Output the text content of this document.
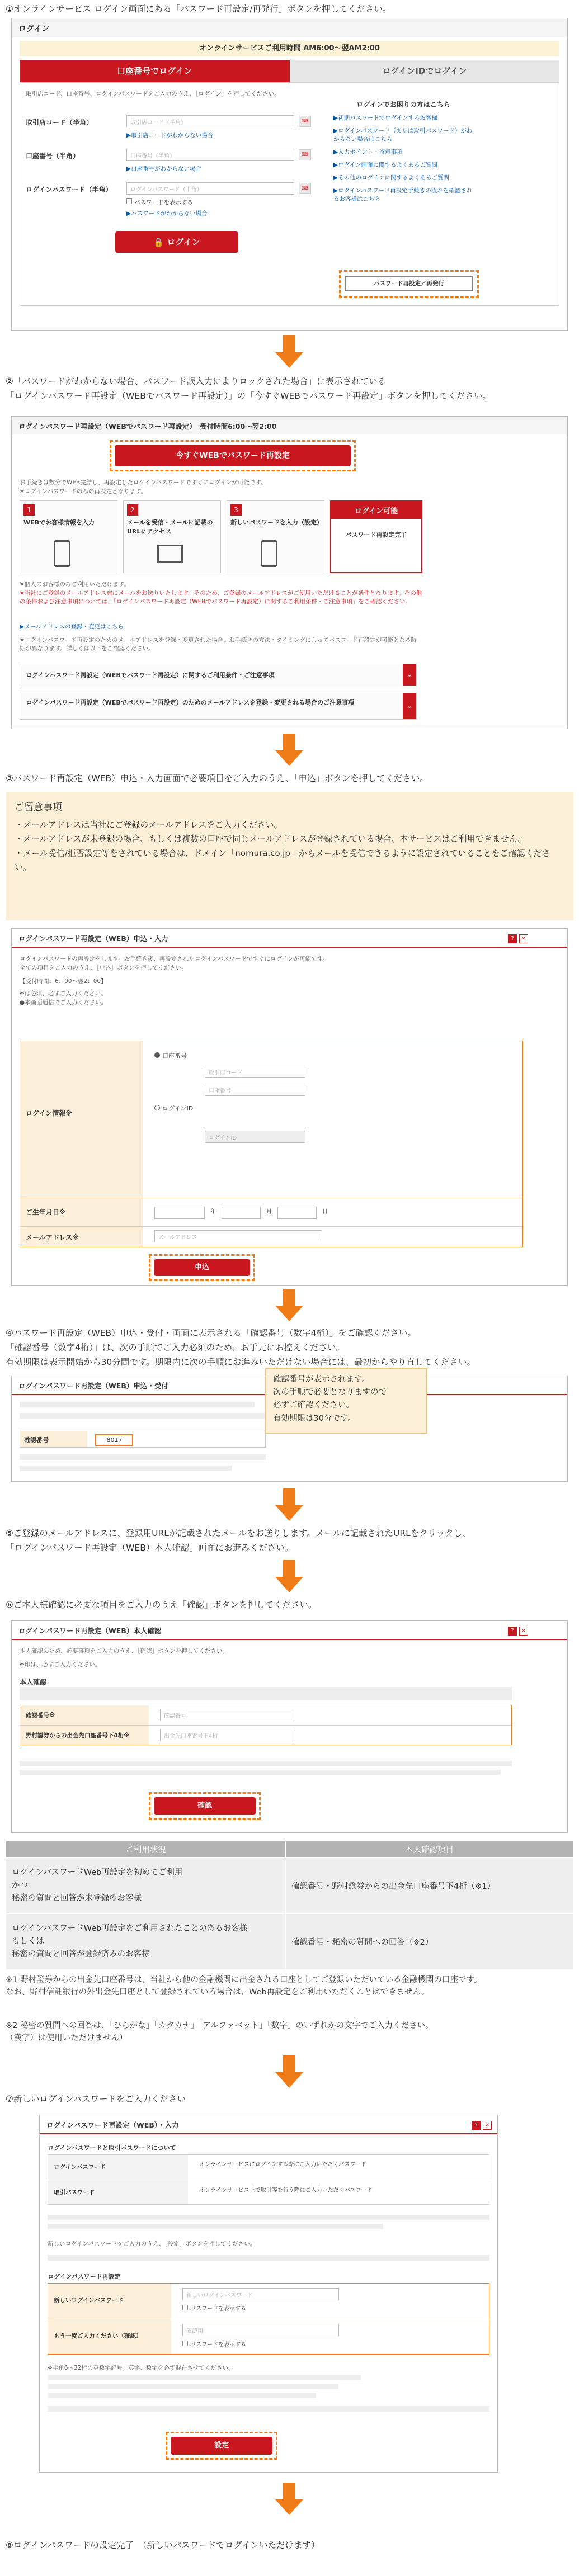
①オンラインサービス ログイン画面にある「パスワード再設定/再発行」ボタンを押してください。
ログイン
オンラインサービスご利用時間 AM6:00～翌AM2:00
口座番号でログイン	ログインIDでログイン
取引店コード、口座番号、ログインパスワードをご入力のうえ、［ログイン］を押してください。
取引店コード（半角）	取引店コード（半角）	⌨
▶取引店コードがわからない場合
口座番号（半角）	口座番号（半角）	⌨
▶口座番号がわからない場合
ログインパスワード（半角）	ログインパスワード（半角）	⌨
パスワードを表示する
▶パスワードがわからない場合
🔒 ログイン
ログインでお困りの方はこちら
▶初期パスワードでログインするお客様
▶ログインパスワード（または取引パスワード）がわからない場合はこちら
▶入力ポイント・留意事項
▶ログイン画面に関するよくあるご質問
▶その他のログインに関するよくあるご質問
▶ログインパスワード再設定手続きの流れを確認されるお客様はこちら
パスワード再設定／再発行
②「パスワードがわからない場合、パスワード誤入力によりロックされた場合」に表示されている
「ログインパスワード再設定（WEBでパスワード再設定）」の「今すぐWEBでパスワード再設定」ボタンを押してください。
ログインパスワード再設定（WEBでパスワード再設定）　受付時間6:00～翌2:00
今すぐWEBでパスワード再設定
お手続きは数分でWEB完結し、再設定したログインパスワードですぐにログインが可能です。
※ログインパスワードのみの再設定となります。
1
WEBでお客様情報を入力
2
メールを受信・メールに記載のURLにアクセス
3
新しいパスワードを入力（設定）
ログイン可能
パスワード再設定完了
※個人のお客様のみご利用いただけます。
※当社にご登録のメールアドレス宛にメールをお送りいたします。そのため、ご登録のメールアドレスがご使用いただけることが条件となります。その他の条件および注意事項については、「ログインパスワード再設定（WEBでパスワード再設定）に関するご利用条件・ご注意事項」をご確認ください。
▶メールアドレスの登録・変更はこちら
※ログインパスワード再設定のためのメールアドレスを登録・変更された場合、お手続きの方法・タイミングによってパスワード再設定が可能となる時期が異なります。詳しくは以下をご確認ください。
ログインパスワード再設定（WEBでパスワード再設定）に関するご利用条件・ご注意事項	⌄
ログインパスワード再設定（WEBでパスワード再設定）のためのメールアドレスを登録・変更される場合のご注意事項	⌄
③パスワード再設定（WEB）申込・入力画面で必要項目をご入力のうえ、「申込」ボタンを押してください。
ご留意事項
・メールアドレスは当社にご登録のメールアドレスをご入力ください。
・メールアドレスが未登録の場合、もしくは複数の口座で同じメールアドレスが登録されている場合、本サービスはご利用できません。
・メール受信/拒否設定等をされている場合は、ドメイン「nomura.co.jp」からメールを受信できるように設定されていることをご確認ください。
ログインパスワード再設定（WEB）申込・入力	?	×
ログインパスワードの再設定をします。お手続き後、再設定されたログインパスワードですぐにログインが可能です。
全ての項目をご入力のうえ、［申込］ボタンを押してください。
【受付時間：6：00～翌2：00】
※は必須、必ずご入力ください。
●本画面通信でご入力ください。
ログイン情報※
口座番号
取引店コード
口座番号
ログインID
ログインID
ご生年月日※	年	月	日
メールアドレス※	メールアドレス
申込
④パスワード再設定（WEB）申込・受付・画面に表示される「確認番号（数字4桁）」をご確認ください。
「確認番号（数字4桁）」は、次の手順でご入力必須のため、お手元にお控えください。
有効期限は表示開始から30分間です。期限内に次の手順にお進みいただけない場合には、最初からやり直してください。
ログインパスワード再設定（WEB）申込・受付
確認番号	8017
確認番号が表示されます。
次の手順で必要となりますので
必ずご確認ください。
有効期限は30分です。
⑤ご登録のメールアドレスに、登録用URLが記載されたメールをお送りします。メールに記載されたURLをクリックし、
「ログインパスワード再設定（WEB）本人確認」画面にお進みください。
⑥ご本人様確認に必要な項目をご入力のうえ「確認」ボタンを押してください。
ログインパスワード再設定（WEB）本人確認	?	×
本人確認のため、必要事項をご入力のうえ、［確認］ボタンを押してください。
※印は、必ずご入力ください。
本人確認
確認番号※	確認番号
野村證券からの出金先口座番号下4桁※	出金先口座番号下4桁
確認
ご利用状況	本人確認項目

ログインパスワードWeb再設定を初めてご利用
かつ
秘密の質問と回答が未登録のお客様	確認番号・野村證券からの出金先口座番号下4桁（※1）

ログインパスワードWeb再設定をご利用されたことのあるお客様
もしくは
秘密の質問と回答が登録済みのお客様	確認番号・秘密の質問への回答（※2）
※1 野村證券からの出金先口座番号は、当社から他の金融機関に出金される口座としてご登録いただいている金融機関の口座です。
なお、野村信託銀行の外出金先口座として登録されている場合は、Web再設定をご利用いただくことはできません。
※2 秘密の質問への回答は、「ひらがな」「カタカナ」「アルファベット」「数字」のいずれかの文字でご入力ください。
（漢字）は使用いただけません）
⑦新しいログインパスワードをご入力ください
ログインパスワード再設定（WEB）・入力	?	×
ログインパスワードと取引パスワードについて
ログインパスワード	オンラインサービスにログインする際にご入力いただくパスワード
取引パスワード	オンラインサービス上で取引等を行う際にご入力いただくパスワード
新しいログインパスワードをご入力のうえ、［設定］ボタンを押してください。
ログインパスワード再設定
新しいログインパスワード
新しいログインパスワード
パスワードを表示する
もう一度ご入力ください（確認）
確認用
パスワードを表示する
※半角6～32桁の英数字記号。英字、数字を必ず混在させてください。
設定
⑧ログインパスワードの設定完了　（新しいパスワードでログインいただけます）
